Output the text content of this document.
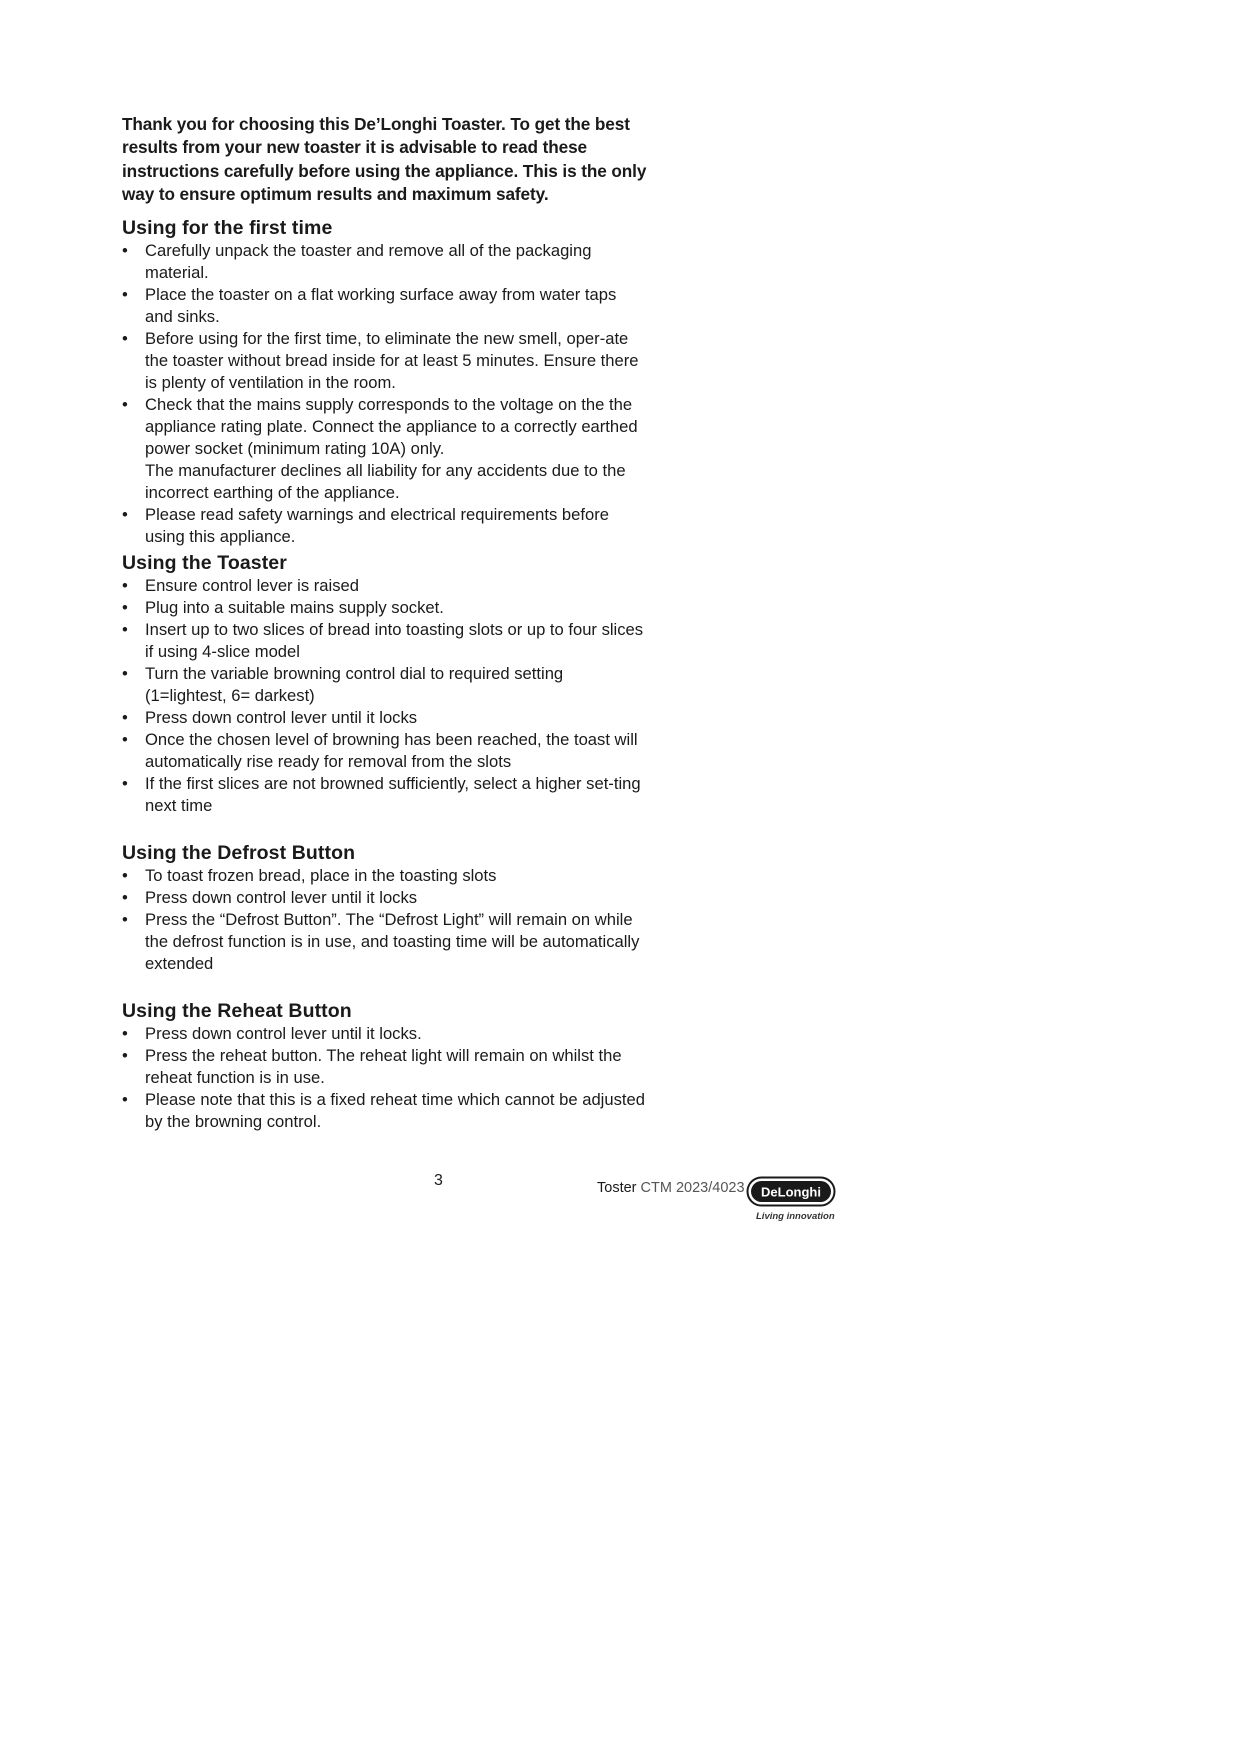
Thank you for choosing this De’Longhi Toaster. To get the best results from your new toaster it is advisable to read these instructions carefully before using the appliance. This is the only way to ensure optimum results and maximum safety.

Using for the first time
• Carefully unpack the toaster and remove all of the packaging material.
• Place the toaster on a flat working surface away from water taps and sinks.
• Before using for the first time, to eliminate the new smell, oper-ate the toaster without bread inside for at least 5 minutes. Ensure there is plenty of ventilation in the room.
• Check that the mains supply corresponds to the voltage on the the appliance rating plate. Connect the appliance to a correctly earthed power socket (minimum rating 10A) only.
The manufacturer declines all liability for any accidents due to the incorrect earthing of the appliance.
• Please read safety warnings and electrical requirements before using this appliance.
Using the Toaster
• Ensure control lever is raised
• Plug into a suitable mains supply socket.
• Insert up to two slices of bread into toasting slots or up to four slices if using 4-slice model
• Turn the variable browning control dial to required setting (1=lightest, 6= darkest)
• Press down control lever until it locks
• Once the chosen level of browning has been reached, the toast will automatically rise ready for removal from the slots
• If the first slices are not browned sufficiently, select a higher set-ting next time
Using the Defrost Button
• To toast frozen bread, place in the toasting slots
• Press down control lever until it locks
• Press the “Defrost Button”. The “Defrost Light” will remain on while the defrost function is in use, and toasting time will be automatically extended
Using the Reheat Button
• Press down control lever until it locks.
• Press the reheat button. The reheat light will remain on whilst the reheat function is in use.
• Please note that this is a fixed reheat time which cannot be adjusted by the browning control.
3	Toster CTM 2023/4023 DeLonghi
Living innovation
